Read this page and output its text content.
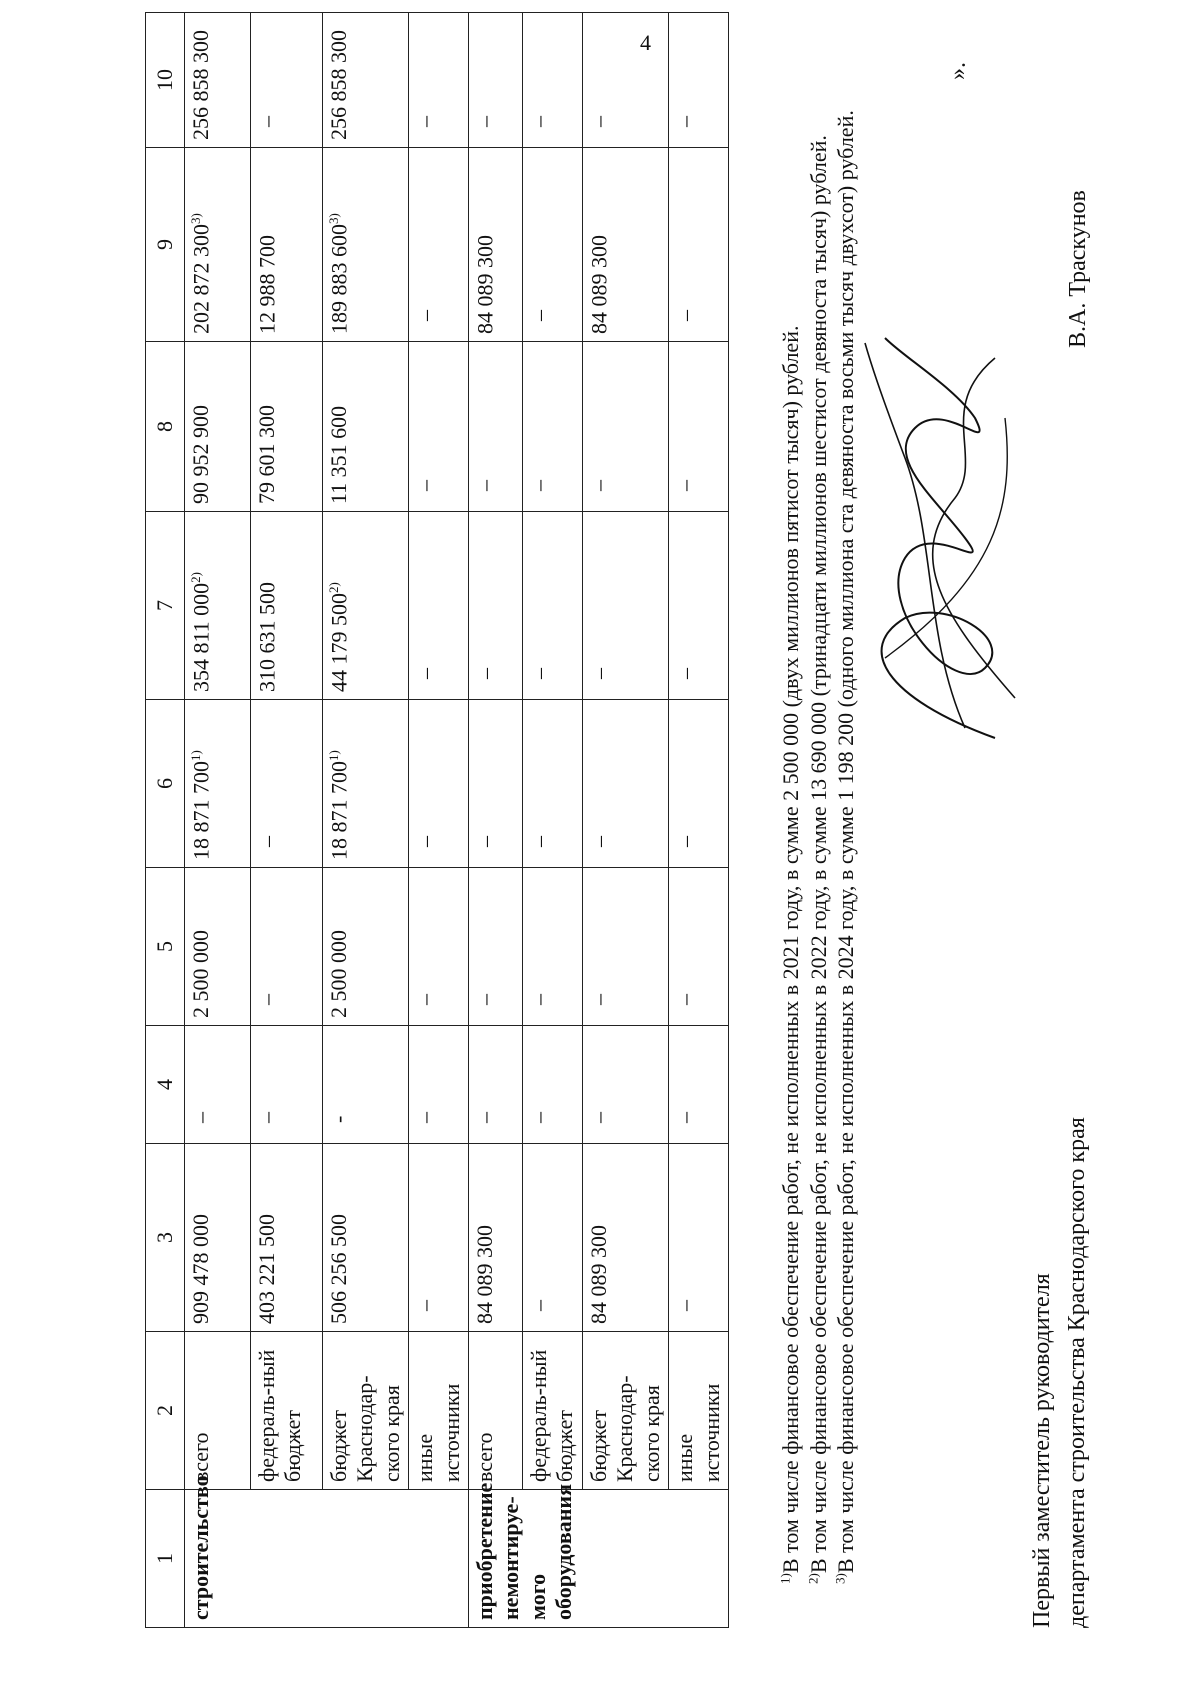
4
1	2	3	4	5	6	7	8	9	10
строительство	всего	909 478 000	–	2 500 000	18 871 700$^{1)}$	354 811 000$^{2)}$	90 952 900	202 872 300$^{3)}$	256 858 300
	федераль-ный бюджет	403 221 500	–	–	–	310 631 500	79 601 300	12 988 700	–
	бюджет Краснодар-ского края	506 256 500	-	2 500 000	18 871 700$^{1)}$	44 179 500$^{2)}$	11 351 600	189 883 600$^{3)}$	256 858 300
	иные источники	–	–	–	–	–	–	–	–
приобретение немонтируе-мого оборудования	всего	84 089 300	–	–	–	–	–	84 089 300	–
	федераль-ный бюджет	–	–	–	–	–	–	–	–
	бюджет Краснодар-ского края	84 089 300	–	–	–	–	–	84 089 300	–
	иные источники	–	–	–	–	–	–	–	–

$^{1)}$В том числе финансовое обеспечение работ, не исполненных в 2021 году, в сумме 2 500 000 (двух миллионов пятисот тысяч) рублей.

$^{2)}$В том числе финансовое обеспечение работ, не исполненных в 2022 году, в сумме 13 690 000 (тринадцати миллионов шестисот девяноста тысяч) рублей.

$^{3)}$В том числе финансовое обеспечение работ, не исполненных в 2024 году, в сумме 1 198 200 (одного миллиона ста девяноста восьми тысяч двухсот) рублей.

».
Первый заместитель руководителя департамента строительства Краснодарского края
В.А. Траскунов
